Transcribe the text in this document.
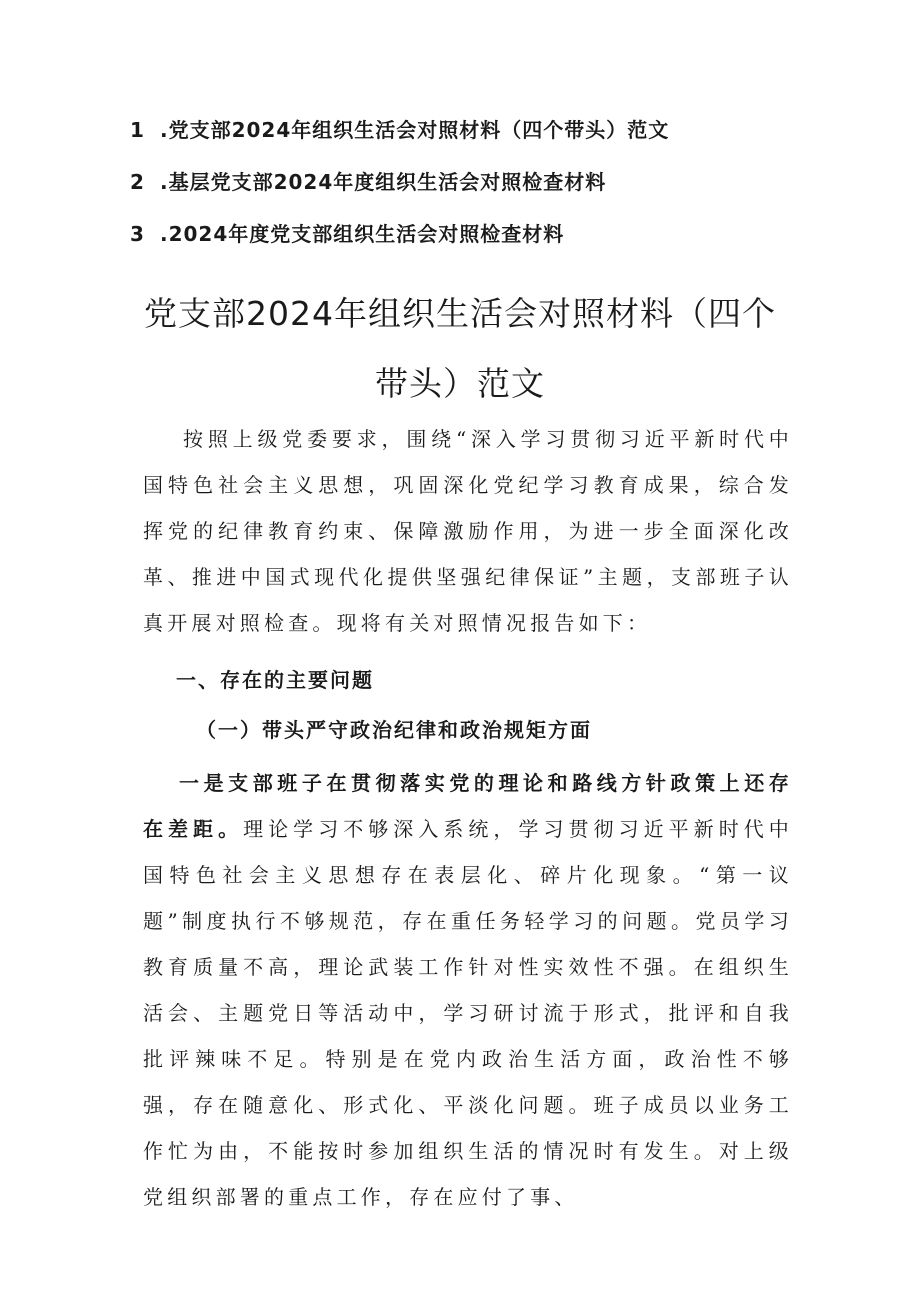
1 .党支部2024年组织生活会对照材料（四个带头）范文
2 .基层党支部2024年度组织生活会对照检查材料
3 .2024年度党支部组织生活会对照检查材料
党支部2024年组织生活会对照材料（四个
带头）范文
按照上级党委要求，围绕“深入学习贯彻习近平新时代中国特色社会主义思想，巩固深化党纪学习教育成果，综合发挥党的纪律教育约束、保障激励作用，为进一步全面深化改革、推进中国式现代化提供坚强纪律保证”主题，支部班子认真开展对照检查。现将有关对照情况报告如下：
一、存在的主要问题
（一）带头严守政治纪律和政治规矩方面
一是支部班子在贯彻落实党的理论和路线方针政策上还存在差距。理论学习不够深入系统，学习贯彻习近平新时代中国特色社会主义思想存在表层化、碎片化现象。“第一议题”制度执行不够规范，存在重任务轻学习的问题。党员学习教育质量不高，理论武装工作针对性实效性不强。在组织生活会、主题党日等活动中，学习研讨流于形式，批评和自我批评辣味不足。特别是在党内政治生活方面，政治性不够强，存在随意化、形式化、平淡化问题。班子成员以业务工作忙为由，不能按时参加组织生活的情况时有发生。对上级党组织部署的重点工作，存在应付了事、
